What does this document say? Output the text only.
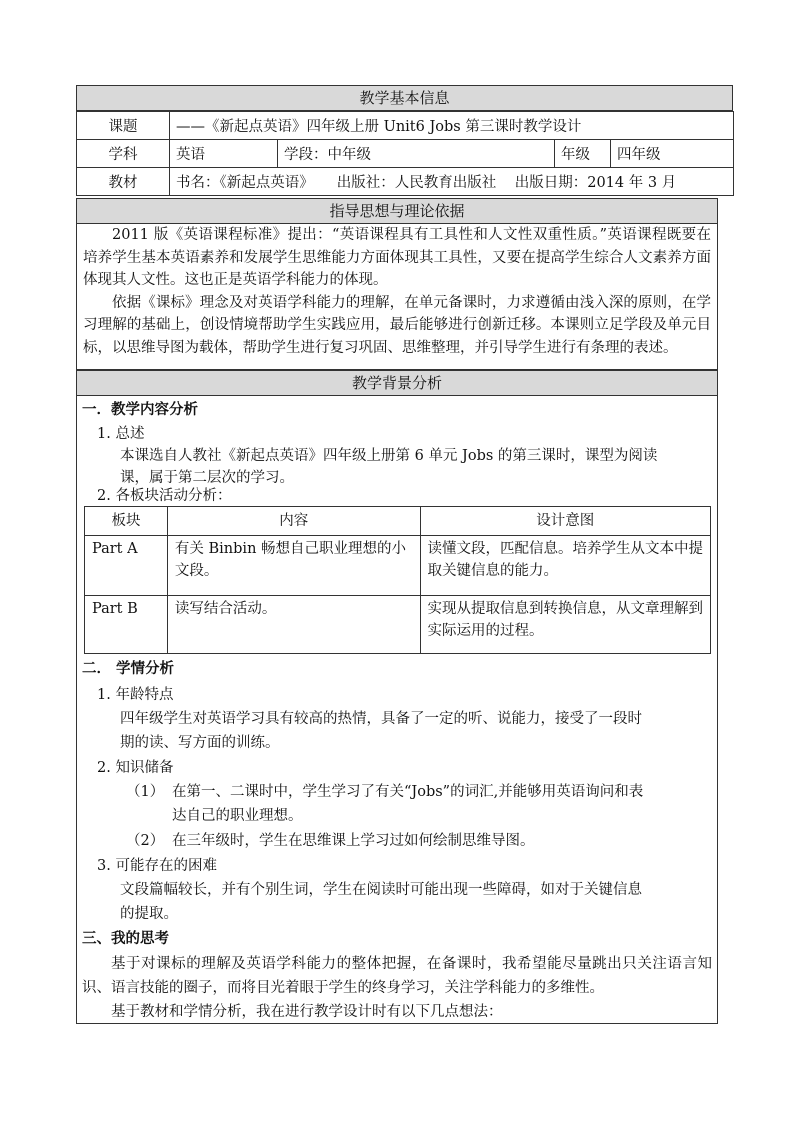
教学基本信息
课题	——《新起点英语》四年级上册 Unit6 Jobs 第三课时教学设计			
学科	英语	学段：中年级	年级	四年级
教材	书名：《新起点英语》 出版社：人民教育出版社 出版日期：2014 年 3 月			
指导思想与理论依据

2011 版《英语课程标准》提出：“英语课程具有工具性和人文性双重性质。”英语课程既要在培养学生基本英语素养和发展学生思维能力方面体现其工具性，又要在提高学生综合人文素养方面体现其人文性。这也正是英语学科能力的体现。

依据《课标》理念及对英语学科能力的理解，在单元备课时，力求遵循由浅入深的原则，在学习理解的基础上，创设情境帮助学生实践应用，最后能够进行创新迁移。本课则立足学段及单元目标，以思维导图为载体，帮助学生进行复习巩固、思维整理，并引导学生进行有条理的表述。

教学背景分析
一．教学内容分析
1. 总述
本课选自人教社《新起点英语》四年级上册第 6 单元 Jobs 的第三课时，课型为阅读
课，属于第二层次的学习。
2. 各板块活动分析：
板块	内容	设计意图
Part A	有关 Binbin 畅想自己职业理想的小文段。	读懂文段，匹配信息。培养学生从文本中提取关键信息的能力。
Part B	读写结合活动。	实现从提取信息到转换信息，从文章理解到实际运用的过程。
二． 学情分析
1. 年龄特点
四年级学生对英语学习具有较高的热情，具备了一定的听、说能力，接受了一段时
期的读、写方面的训练。
2. 知识储备
（1） 在第一、二课时中，学生学习了有关“Jobs”的词汇,并能够用英语询问和表
达自己的职业理想。
（2） 在三年级时，学生在思维课上学习过如何绘制思维导图。
3. 可能存在的困难
文段篇幅较长，并有个别生词，学生在阅读时可能出现一些障碍，如对于关键信息
的提取。
三、我的思考

基于对课标的理解及英语学科能力的整体把握，在备课时，我希望能尽量跳出只关注语言知识、语言技能的圈子，而将目光着眼于学生的终身学习，关注学科能力的多维性。

基于教材和学情分析，我在进行教学设计时有以下几点想法：
